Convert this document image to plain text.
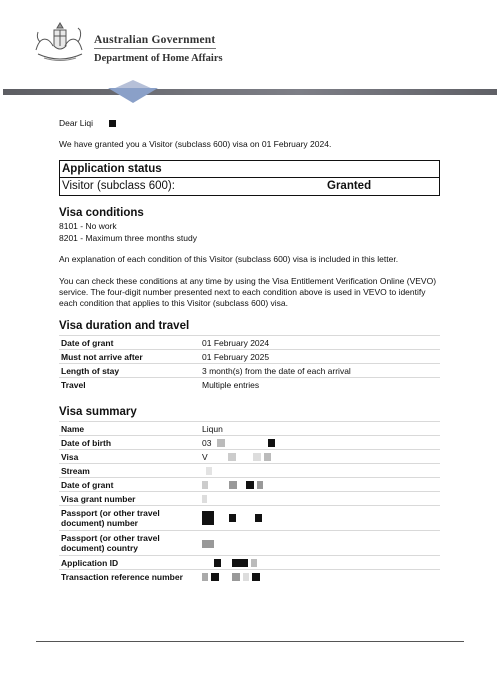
Australian Government
Department of Home Affairs
Dear Liqi
We have granted you a Visitor (subclass 600) visa on 01 February 2024.
Application status
Visitor (subclass 600):	Granted
Visa conditions
8101 - No work
8201 - Maximum three months study
An explanation of each condition of this Visitor (subclass 600) visa is included in this letter.
You can check these conditions at any time by using the Visa Entitlement Verification Online (VEVO) service. The four-digit number presented next to each condition above is used in VEVO to identify each condition that applies to this Visitor (subclass 600) visa.
Visa duration and travel
Date of grant	01 February 2024
Must not arrive after	01 February 2025
Length of stay	3 month(s) from the date of each arrival
Travel	Multiple entries
Visa summary
Name	Liqun
Date of birth	03
Visa	V
Stream	
Date of grant	
Visa grant number	
Passport (or other travel document) number	
Passport (or other travel document) country	
Application ID	
Transaction reference number	
